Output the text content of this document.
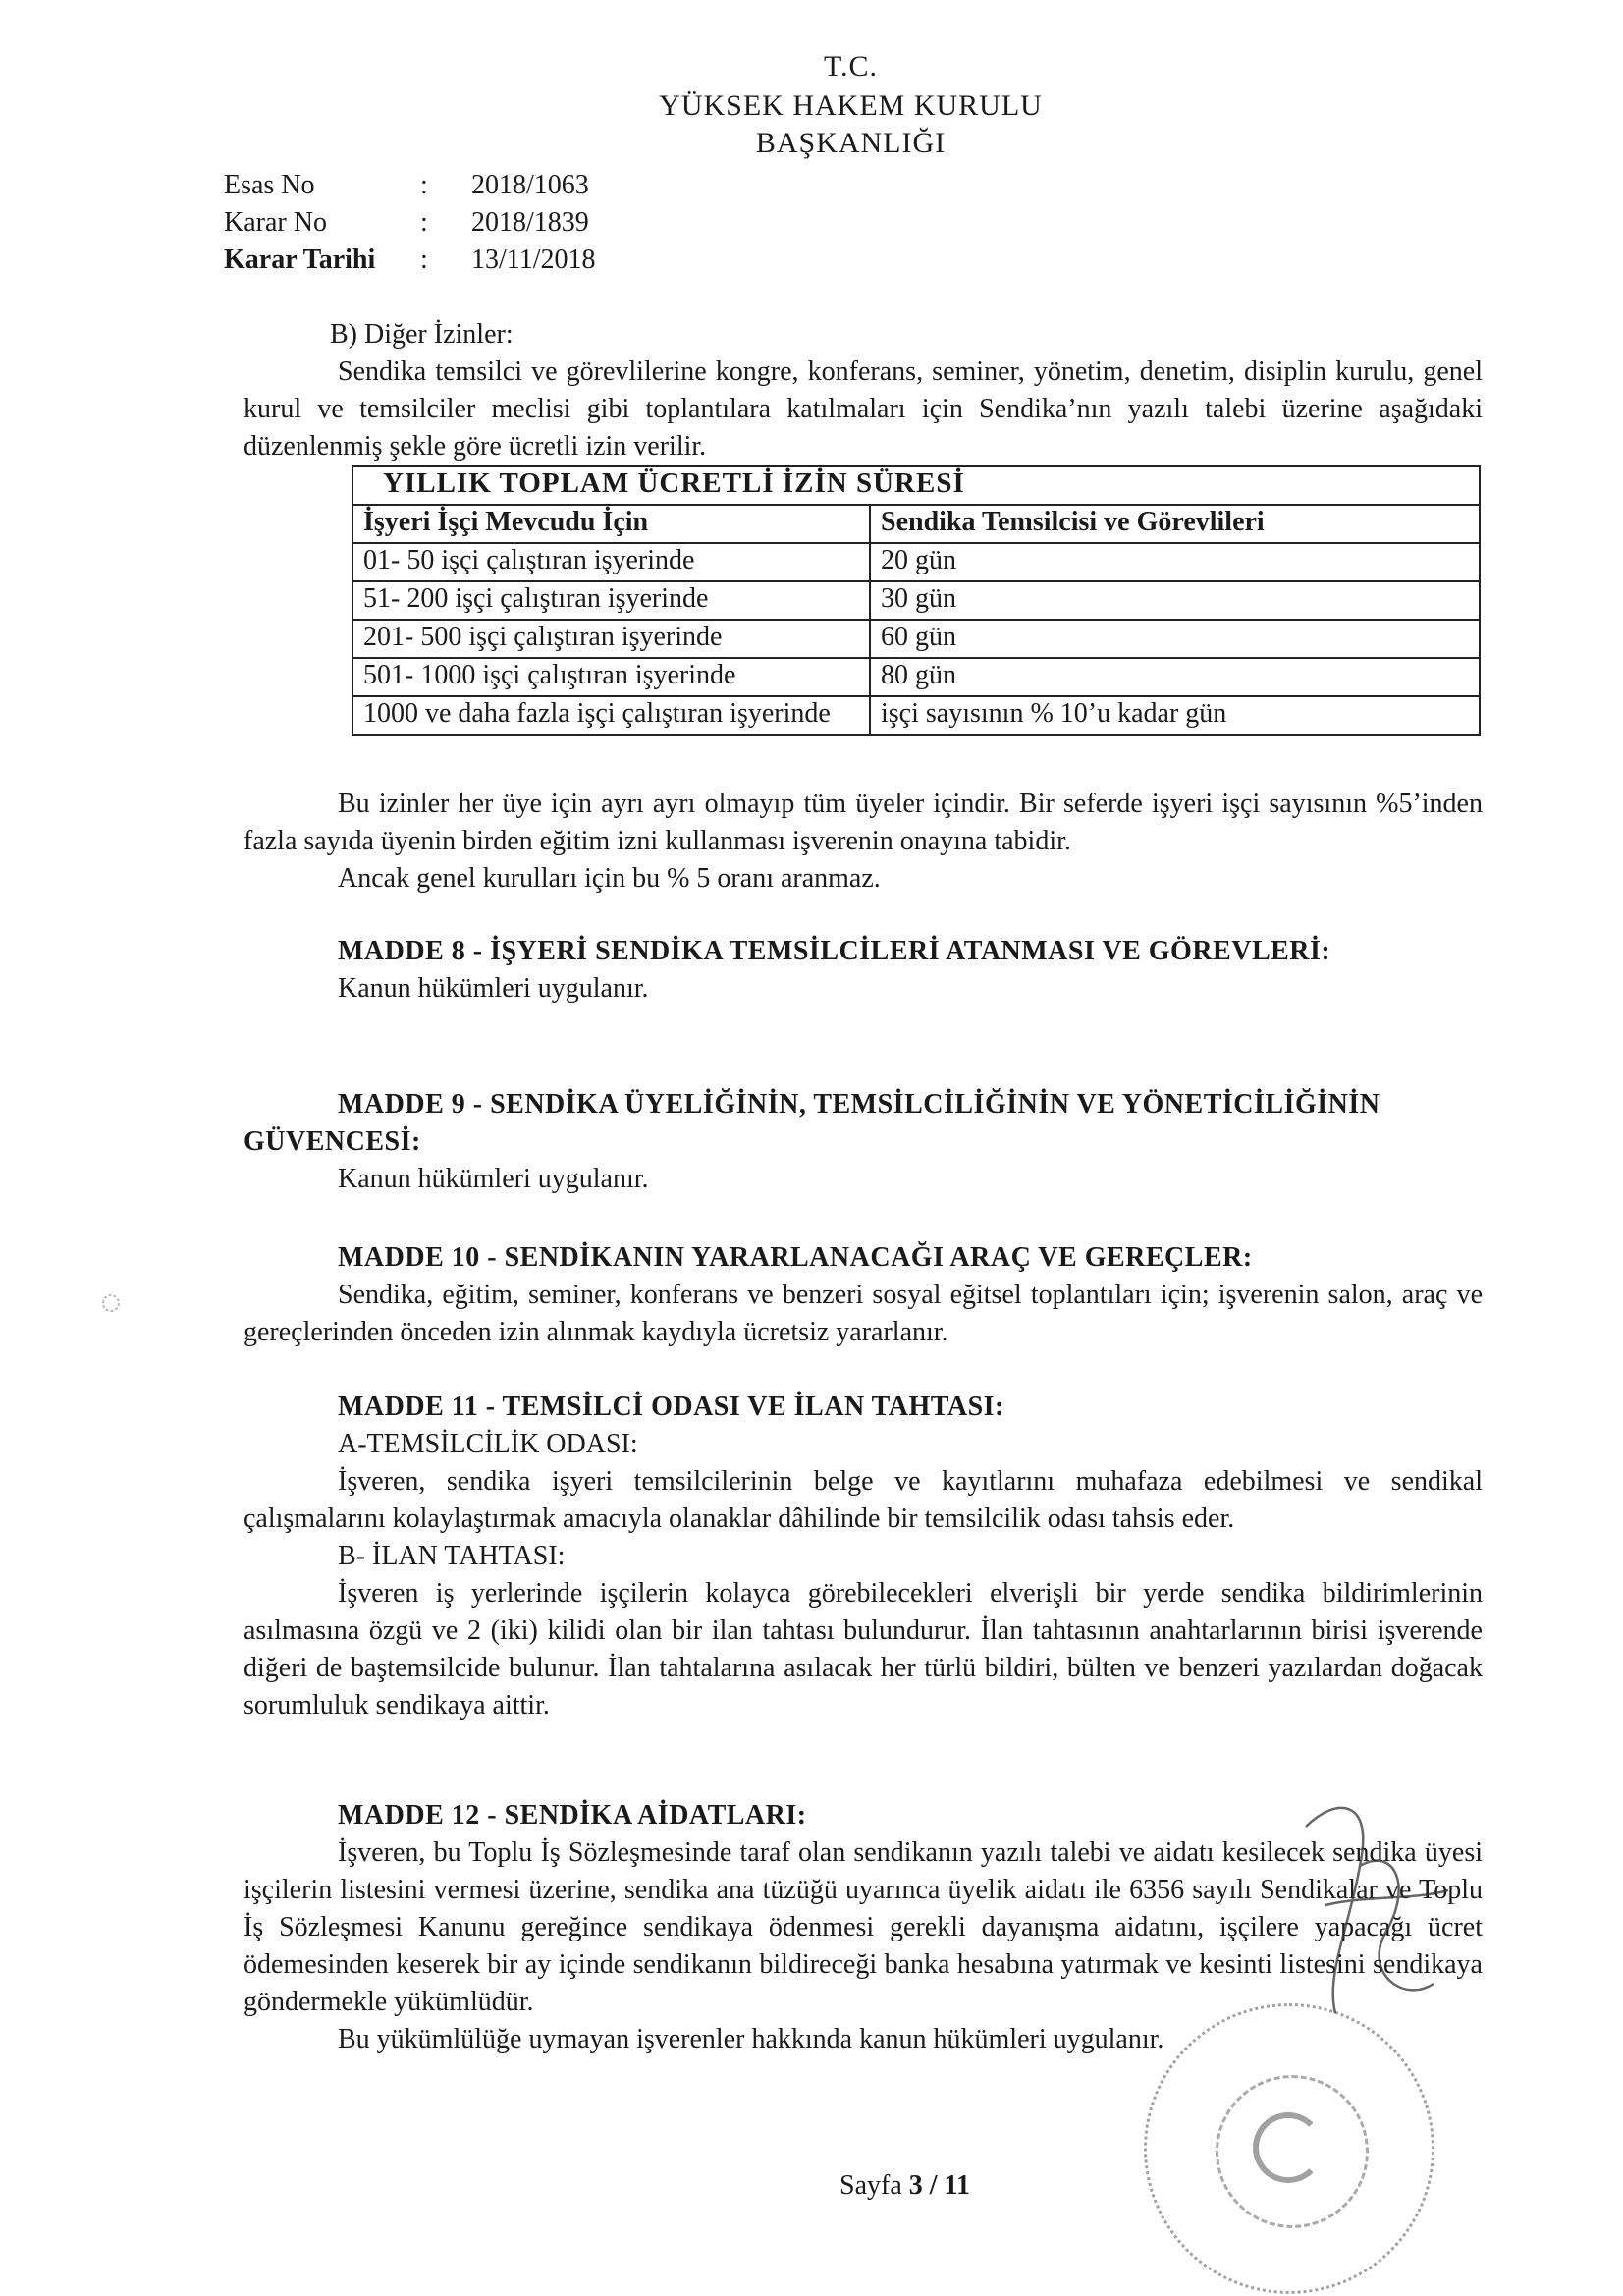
T.C.
YÜKSEK HAKEM KURULU
BAŞKANLIĞI
Esas No	:	2018/1063
Karar No	:	2018/1839
Karar Tarihi	:	13/11/2018

B) Diğer İzinler:

Sendika temsilci ve görevlilerine kongre, konferans, seminer, yönetim, denetim, disiplin kurulu, genel kurul ve temsilciler meclisi gibi toplantılara katılmaları için Sendika’nın yazılı talebi üzerine aşağıdaki düzenlenmiş şekle göre ücretli izin verilir.

YILLIK TOPLAM ÜCRETLİ İZİN SÜRESİ	
İşyeri İşçi Mevcudu İçin	Sendika Temsilcisi ve Görevlileri
01- 50 işçi çalıştıran işyerinde	20 gün
51- 200 işçi çalıştıran işyerinde	30 gün
201- 500 işçi çalıştıran işyerinde	60 gün
501- 1000 işçi çalıştıran işyerinde	80 gün
1000 ve daha fazla işçi çalıştıran işyerinde	işçi sayısının % 10’u kadar gün

Bu izinler her üye için ayrı ayrı olmayıp tüm üyeler içindir. Bir seferde işyeri işçi sayısının %5’inden fazla sayıda üyenin birden eğitim izni kullanması işverenin onayına tabidir.

Ancak genel kurulları için bu % 5 oranı aranmaz.

MADDE 8 - İŞYERİ SENDİKA TEMSİLCİLERİ ATANMASI VE GÖREVLERİ:

Kanun hükümleri uygulanır.

MADDE 9 - SENDİKA ÜYELİĞİNİN, TEMSİLCİLİĞİNİN VE YÖNETİCİLİĞİNİN GÜVENCESİ:

Kanun hükümleri uygulanır.

MADDE 10 - SENDİKANIN YARARLANACAĞI ARAÇ VE GEREÇLER:

Sendika, eğitim, seminer, konferans ve benzeri sosyal eğitsel toplantıları için; işverenin salon, araç ve gereçlerinden önceden izin alınmak kaydıyla ücretsiz yararlanır.

MADDE 11 - TEMSİLCİ ODASI VE İLAN TAHTASI:

A-TEMSİLCİLİK ODASI:

İşveren, sendika işyeri temsilcilerinin belge ve kayıtlarını muhafaza edebilmesi ve sendikal çalışmalarını kolaylaştırmak amacıyla olanaklar dâhilinde bir temsilcilik odası tahsis eder.

B- İLAN TAHTASI:

İşveren iş yerlerinde işçilerin kolayca görebilecekleri elverişli bir yerde sendika bildirimlerinin asılmasına özgü ve 2 (iki) kilidi olan bir ilan tahtası bulundurur. İlan tahtasının anahtarlarının birisi işverende diğeri de baştemsilcide bulunur. İlan tahtalarına asılacak her türlü bildiri, bülten ve benzeri yazılardan doğacak sorumluluk sendikaya aittir.

MADDE 12 - SENDİKA AİDATLARI:

İşveren, bu Toplu İş Sözleşmesinde taraf olan sendikanın yazılı talebi ve aidatı kesilecek sendika üyesi işçilerin listesini vermesi üzerine, sendika ana tüzüğü uyarınca üyelik aidatı ile 6356 sayılı Sendikalar ve Toplu İş Sözleşmesi Kanunu gereğince sendikaya ödenmesi gerekli dayanışma aidatını, işçilere yapacağı ücret ödemesinden keserek bir ay içinde sendikanın bildireceği banka hesabına yatırmak ve kesinti listesini sendikaya göndermekle yükümlüdür.

Bu yükümlülüğe uymayan işverenler hakkında kanun hükümleri uygulanır.

Sayfa 3 / 11
